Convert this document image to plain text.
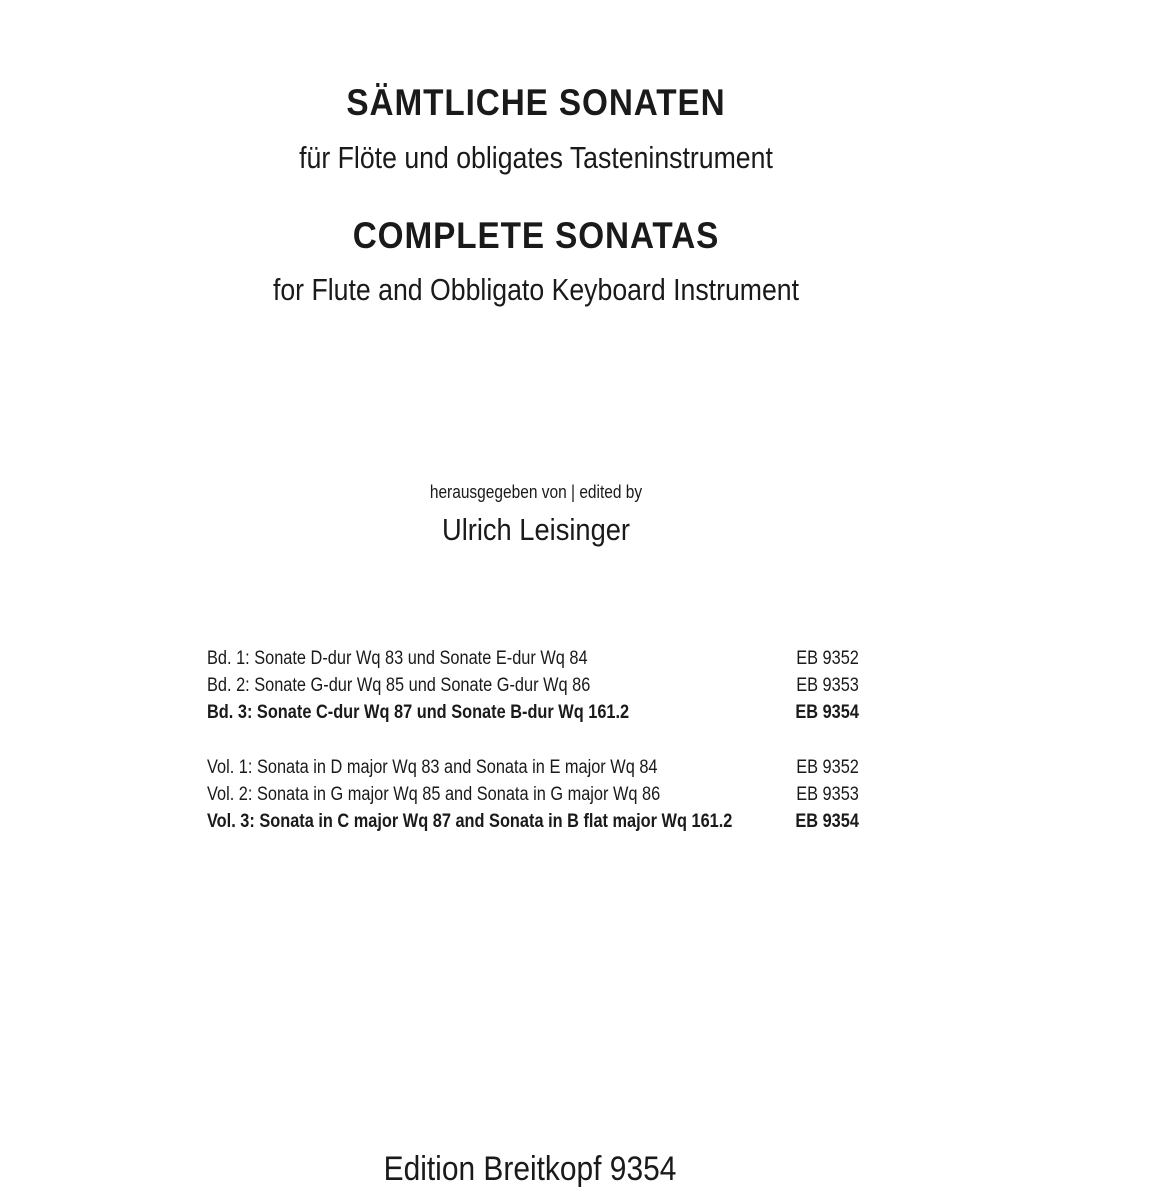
SÄMTLICHE SONATEN
für Flöte und obligates Tasteninstrument
COMPLETE SONATAS
for Flute and Obbligato Keyboard Instrument
herausgegeben von | edited by
Ulrich Leisinger
Bd. 1: Sonate D-dur Wq 83 und Sonate E-dur Wq 84	EB 9352
Bd. 2: Sonate G-dur Wq 85 und Sonate G-dur Wq 86	EB 9353
Bd. 3: Sonate C-dur Wq 87 und Sonate B-dur Wq 161.2	EB 9354
Vol. 1: Sonata in D major Wq 83 and Sonata in E major Wq 84	EB 9352
Vol. 2: Sonata in G major Wq 85 and Sonata in G major Wq 86	EB 9353
Vol. 3: Sonata in C major Wq 87 and Sonata in B flat major Wq 161.2	EB 9354
Edition Breitkopf 9354
